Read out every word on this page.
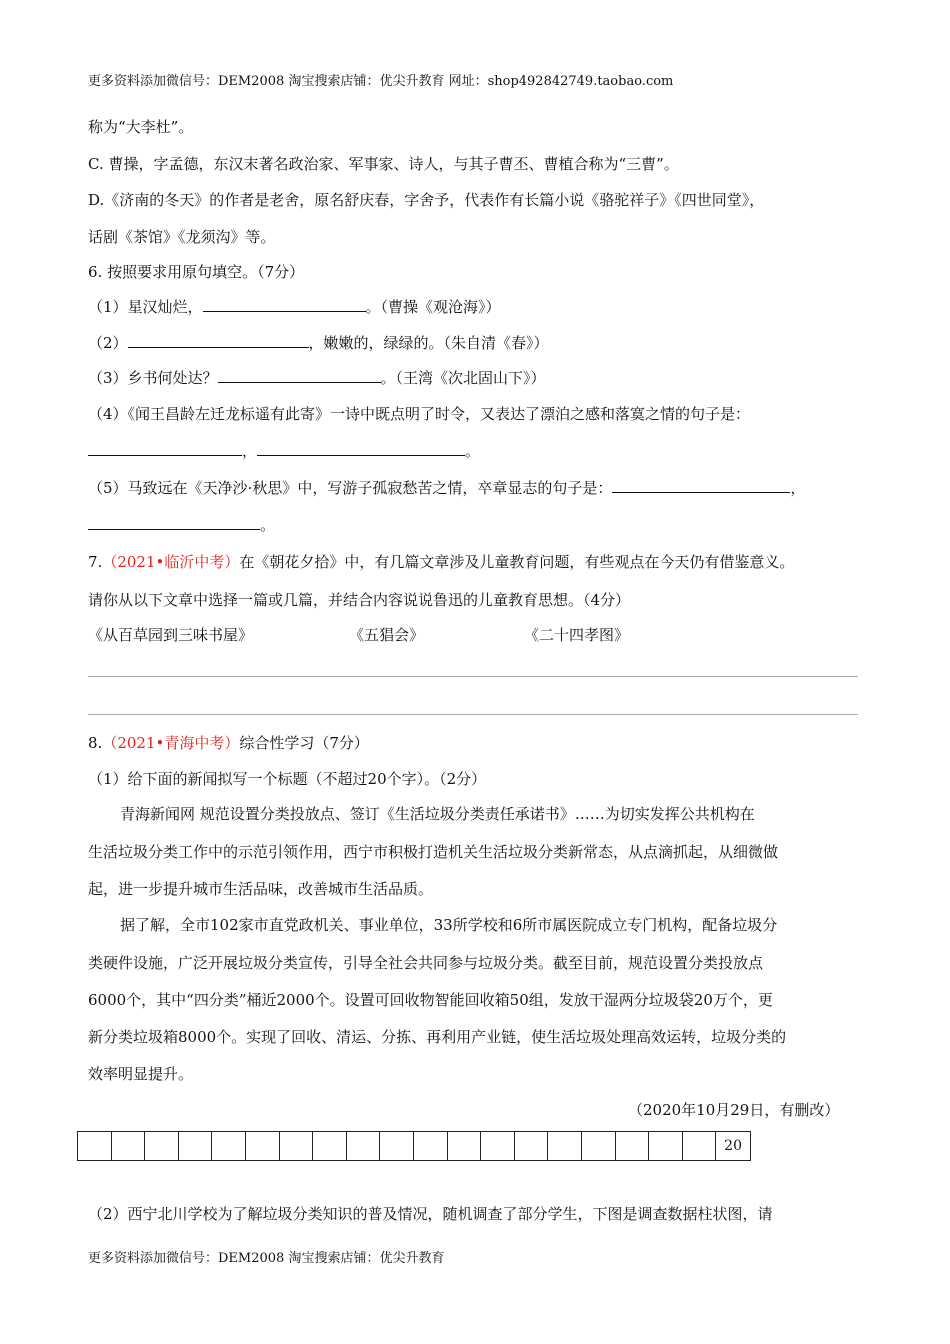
更多资料添加微信号：DEM2008 淘宝搜索店铺：优尖升教育 网址：shop492842749.taobao.com
称为“大李杜”。
C. 曹操，字孟德，东汉末著名政治家、军事家、诗人，与其子曹丕、曹植合称为“三曹”。
D.《济南的冬天》的作者是老舍，原名舒庆春，字舍予，代表作有长篇小说《骆驼祥子》《四世同堂》，
话剧《茶馆》《龙须沟》等。
6. 按照要求用原句填空。（7分）
（1）星汉灿烂，	。（曹操《观沧海》）
（2）	，嫩嫩的，绿绿的。（朱自清《春》）
（3）乡书何处达？	。（王湾《次北固山下》）
（4）《闻王昌龄左迁龙标遥有此寄》一诗中既点明了时令，又表达了漂泊之感和落寞之情的句子是：
，	。
（5）马致远在《天净沙·秋思》中，写游子孤寂愁苦之情，卒章显志的句子是：	，
。
7.（2021•临沂中考）在《朝花夕拾》中，有几篇文章涉及儿童教育问题，有些观点在今天仍有借鉴意义。
请你从以下文章中选择一篇或几篇，并结合内容说说鲁迅的儿童教育思想。（4分）
《从百草园到三味书屋》	《五猖会》	《二十四孝图》
8.（2021•青海中考）综合性学习（7分）
（1）给下面的新闻拟写一个标题（不超过20个字）。（2分）
青海新闻网 规范设置分类投放点、签订《生活垃圾分类责任承诺书》……为切实发挥公共机构在
生活垃圾分类工作中的示范引领作用，西宁市积极打造机关生活垃圾分类新常态，从点滴抓起，从细微做
起，进一步提升城市生活品味，改善城市生活品质。
据了解，全市102家市直党政机关、事业单位，33所学校和6所市属医院成立专门机构，配备垃圾分
类硬件设施，广泛开展垃圾分类宣传，引导全社会共同参与垃圾分类。截至目前，规范设置分类投放点
6000个，其中“四分类”桶近2000个。设置可回收物智能回收箱50组，发放干湿两分垃圾袋20万个，更
新分类垃圾箱8000个。实现了回收、清运、分拣、再利用产业链，使生活垃圾处理高效运转，垃圾分类的
效率明显提升。
（2020年10月29日，有删改）
20
（2）西宁北川学校为了解垃圾分类知识的普及情况，随机调查了部分学生，下图是调查数据柱状图，请
更多资料添加微信号：DEM2008 淘宝搜索店铺：优尖升教育
